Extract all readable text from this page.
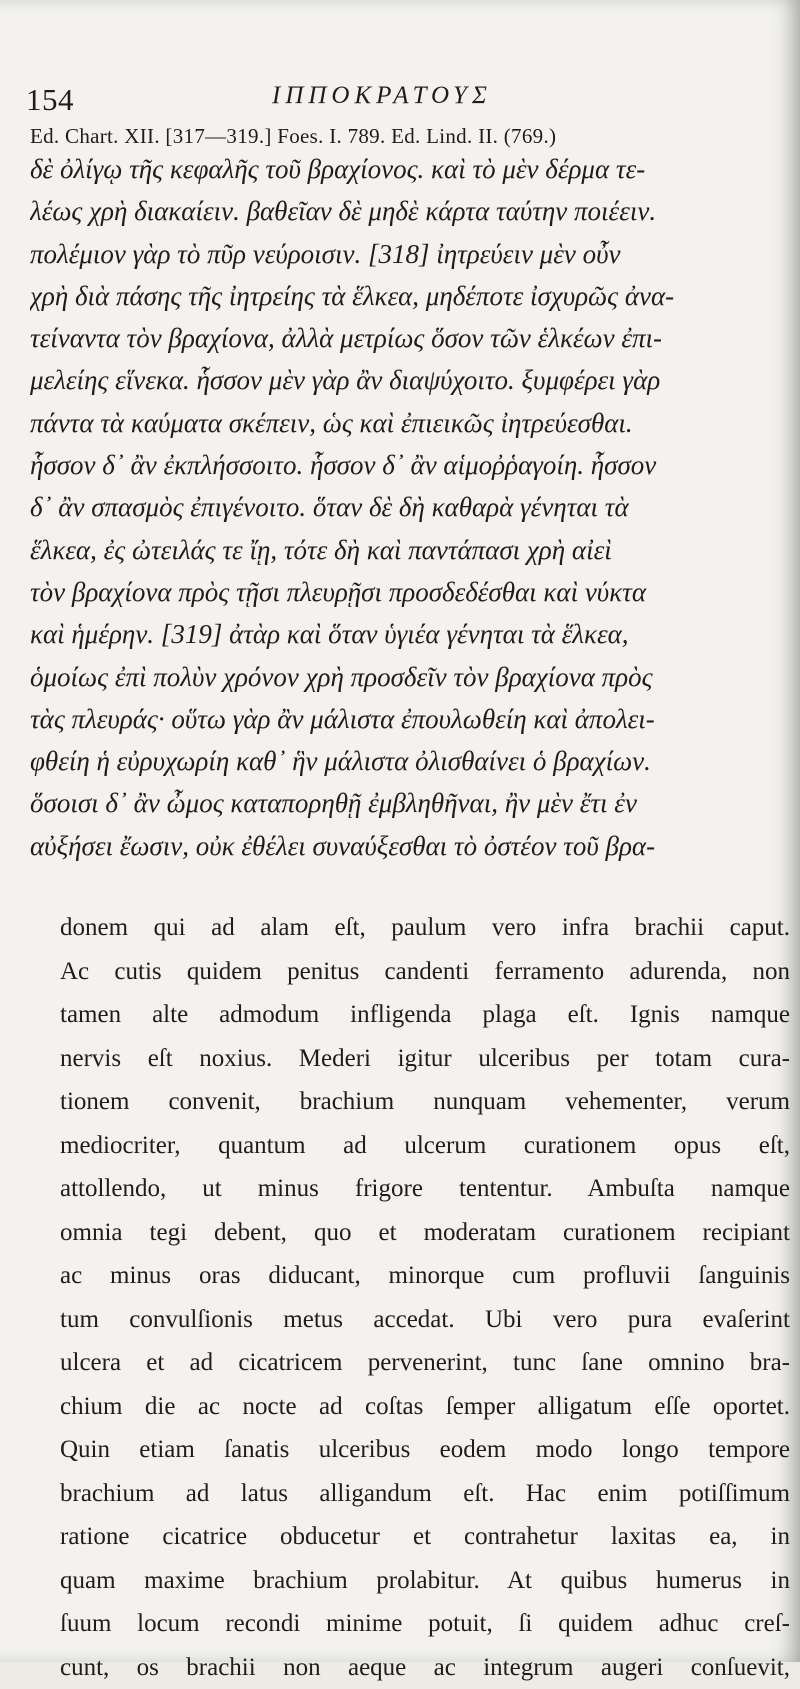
154	ΙΠΠΟΚΡΑΤΟΥΣ
Ed. Chart. XII. [317—319.] Foes. I. 789. Ed. Lind. II. (769.)
δὲ ὀλίγῳ τῆς κεφαλῆς τοῦ βραχίονος. καὶ τὸ μὲν δέρμα τε-
λέως χρὴ διακαίειν. βαθεῖαν δὲ μηδὲ κάρτα ταύτην ποιέειν.
πολέμιον γὰρ τὸ πῦρ νεύροισιν. [318] ἰητρεύειν μὲν οὖν
χρὴ διὰ πάσης τῆς ἰητρείης τὰ ἕλκεα, μηδέποτε ἰσχυρῶς ἀνα-
τείναντα τὸν βραχίονα, ἀλλὰ μετρίως ὅσον τῶν ἑλκέων ἐπι-
μελείης εἵνεκα. ἧσσον μὲν γὰρ ἂν διαψύχοιτο. ξυμφέρει γὰρ
πάντα τὰ καύματα σκέπειν, ὡς καὶ ἐπιεικῶς ἰητρεύεσθαι.
ἧσσον δ᾽ ἂν ἐκπλήσσοιτο. ἧσσον δ᾽ ἂν αἱμοῤῥαγοίη. ἧσσον
δ᾽ ἂν σπασμὸς ἐπιγένοιτο. ὅταν δὲ δὴ καθαρὰ γένηται τὰ
ἕλκεα, ἐς ὠτειλάς τε ἴῃ, τότε δὴ καὶ παντάπασι χρὴ αἰεὶ
τὸν βραχίονα πρὸς τῇσι πλευρῇσι προσδεδέσθαι καὶ νύκτα
καὶ ἡμέρην. [319] ἀτὰρ καὶ ὅταν ὑγιέα γένηται τὰ ἕλκεα,
ὁμοίως ἐπὶ πολὺν χρόνον χρὴ προσδεῖν τὸν βραχίονα πρὸς
τὰς πλευράς· οὕτω γὰρ ἂν μάλιστα ἐπουλωθείη καὶ ἀπολει-
φθείη ἡ εὐρυχωρίη καθ᾽ ἣν μάλιστα ὀλισθαίνει ὁ βραχίων.
ὅσοισι δ᾽ ἂν ὦμος καταπορηθῇ ἐμβληθῆναι, ἢν μὲν ἔτι ἐν
αὐξήσει ἔωσιν, οὐκ ἐθέλει συναύξεσθαι τὸ ὀστέον τοῦ βρα-
donem qui ad alam eſt, paulum vero infra brachii caput.
Ac cutis quidem penitus candenti ferramento adurenda, non
tamen alte admodum infligenda plaga eſt. Ignis namque
nervis eſt noxius. Mederi igitur ulceribus per totam cura-
tionem convenit, brachium nunquam vehementer, verum
mediocriter, quantum ad ulcerum curationem opus eſt,
attollendo, ut minus frigore tententur. Ambuſta namque
omnia tegi debent, quo et moderatam curationem recipiant
ac minus oras diducant, minorque cum profluvii ſanguinis
tum convulſionis metus accedat. Ubi vero pura evaſerint
ulcera et ad cicatricem pervenerint, tunc ſane omnino bra-
chium die ac nocte ad coſtas ſemper alligatum eſſe oportet.
Quin etiam ſanatis ulceribus eodem modo longo tempore
brachium ad latus alligandum eſt. Hac enim potiſſimum
ratione cicatrice obducetur et contrahetur laxitas ea, in
quam maxime brachium prolabitur. At quibus humerus in
ſuum locum recondi minime potuit, ſi quidem adhuc creſ-
cunt, os brachii non aeque ac integrum augeri conſuevit,
